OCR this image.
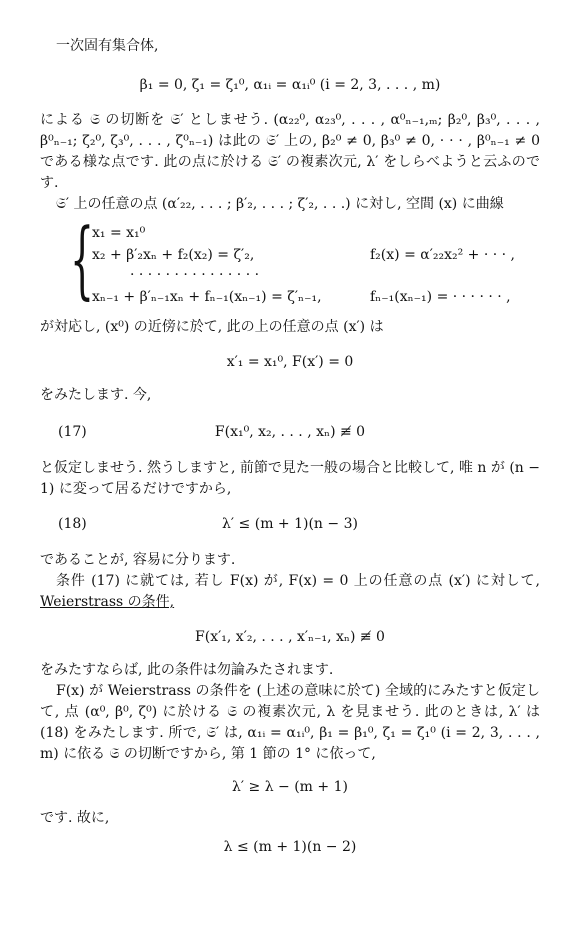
一次固有集合体,

β₁ = 0, ζ₁ = ζ₁⁰, α₁ᵢ = α₁ᵢ⁰ (i = 2, 3, . . . , m)

による 𝔖 の切断を 𝔖′ としませう. (α₂₂⁰, α₂₃⁰, . . . , α⁰ₙ₋₁,ₘ; β₂⁰, β₃⁰, . . . , β⁰ₙ₋₁; ζ₂⁰, ζ₃⁰, . . . , ζ⁰ₙ₋₁) は此の 𝔖′ 上の, β₂⁰ ≠ 0, β₃⁰ ≠ 0, · · · , β⁰ₙ₋₁ ≠ 0 である様な点です. 此の点に於ける 𝔖′ の複素次元, λ′ をしらべようと云ふのです.

𝔖′ 上の任意の点 (α′₂₂, . . . ; β′₂, . . . ; ζ′₂, . . .) に対し, 空間 (x) に曲線

{
x₁ = x₁⁰
x₂ + β′₂xₙ + f₂(x₂) = ζ′₂,	f₂(x) = α′₂₂x₂² + · · · ,
· · · · · · · · · · · · · · ·
xₙ₋₁ + β′ₙ₋₁xₙ + fₙ₋₁(xₙ₋₁) = ζ′ₙ₋₁,	fₙ₋₁(xₙ₋₁) = · · · · · · ,

が対応し, (x⁰) の近傍に於て, 此の上の任意の点 (x′) は

x′₁ = x₁⁰, F(x′) = 0

をみたします. 今,

(17)	F(x₁⁰, x₂, . . . , xₙ) ≢ 0

と仮定しませう. 然うしますと, 前節で見た一般の場合と比較して, 唯 n が (n − 1) に変って居るだけですから,

(18)	λ′ ≤ (m + 1)(n − 3)

であることが, 容易に分ります.

条件 (17) に就ては, 若し F(x) が, F(x) = 0 上の任意の点 (x′) に対して, Weierstrass の条件,

F(x′₁, x′₂, . . . , x′ₙ₋₁, xₙ) ≢ 0

をみたすならば, 此の条件は勿論みたされます.

F(x) が Weierstrass の条件を (上述の意味に於て) 全域的にみたすと仮定して, 点 (α⁰, β⁰, ζ⁰) に於ける 𝔖 の複素次元, λ を見ませう. 此のときは, λ′ は (18) をみたします. 所で, 𝔖′ は, α₁ᵢ = α₁ᵢ⁰, β₁ = β₁⁰, ζ₁ = ζ₁⁰ (i = 2, 3, . . . , m) に依る 𝔖 の切断ですから, 第 1 節の 1° に依って,

λ′ ≥ λ − (m + 1)

です. 故に,

λ ≤ (m + 1)(n − 2)
